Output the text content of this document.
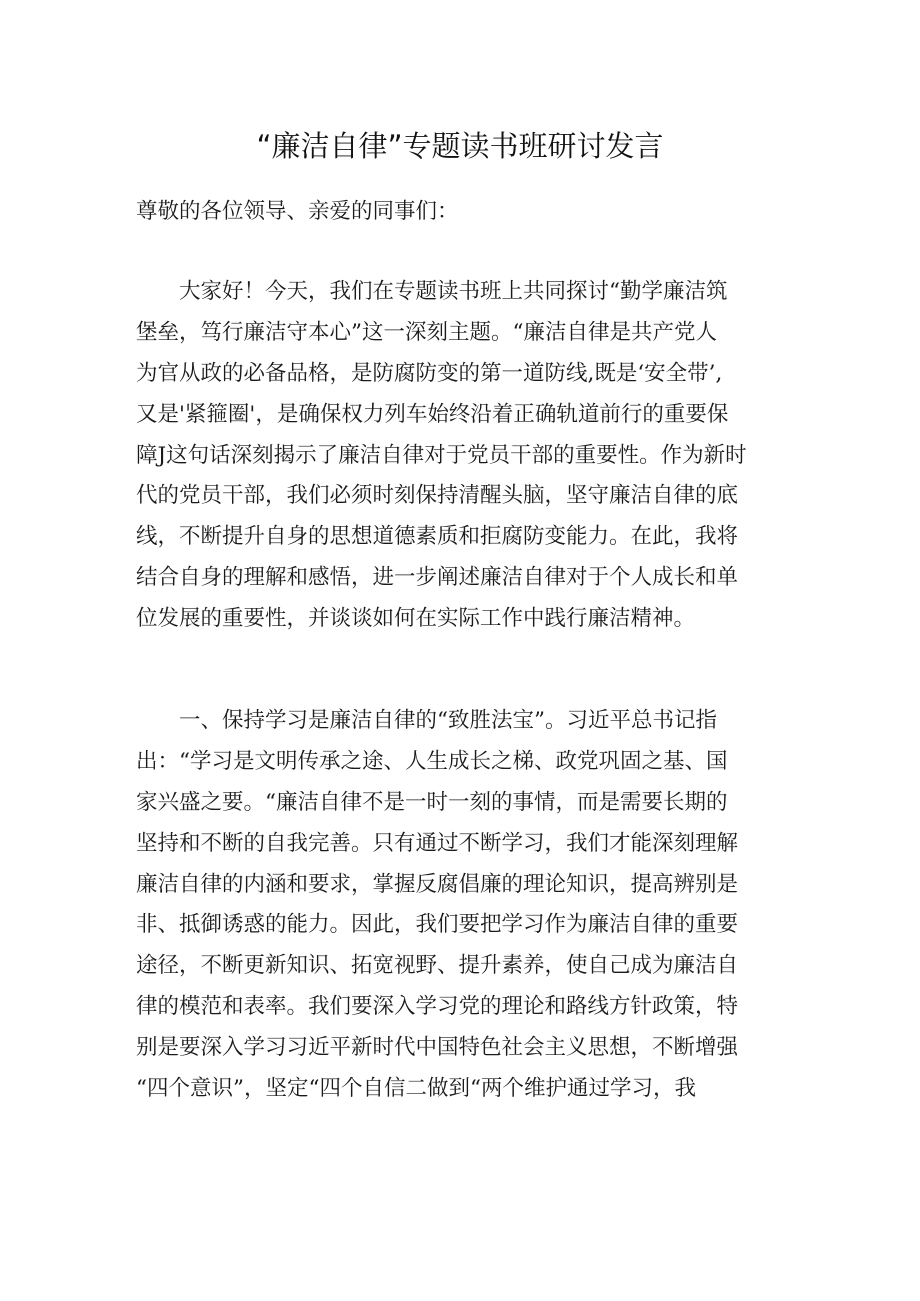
“廉洁自律”专题读书班研讨发言
尊敬的各位领导、亲爱的同事们：
　　大家好！今天，我们在专题读书班上共同探讨“勤学廉洁筑
堡垒，笃行廉洁守本心”这一深刻主题。“廉洁自律是共产党人
为官从政的必备品格，是防腐防变的第一道防线,既是‘安全带’,
又是'紧箍圈'，是确保权力列车始终沿着正确轨道前行的重要保
障J这句话深刻揭示了廉洁自律对于党员干部的重要性。作为新时
代的党员干部，我们必须时刻保持清醒头脑，坚守廉洁自律的底
线，不断提升自身的思想道德素质和拒腐防变能力。在此，我将
结合自身的理解和感悟，进一步阐述廉洁自律对于个人成长和单
位发展的重要性，并谈谈如何在实际工作中践行廉洁精神。
　　一、保持学习是廉洁自律的“致胜法宝”。习近平总书记指
出：“学习是文明传承之途、人生成长之梯、政党巩固之基、国
家兴盛之要。“廉洁自律不是一时一刻的事情，而是需要长期的
坚持和不断的自我完善。只有通过不断学习，我们才能深刻理解
廉洁自律的内涵和要求，掌握反腐倡廉的理论知识，提高辨别是
非、抵御诱惑的能力。因此，我们要把学习作为廉洁自律的重要
途径，不断更新知识、拓宽视野、提升素养，使自己成为廉洁自
律的模范和表率。我们要深入学习党的理论和路线方针政策，特
别是要深入学习习近平新时代中国特色社会主义思想，不断增强
“四个意识”，坚定“四个自信二做到“两个维护通过学习，我
